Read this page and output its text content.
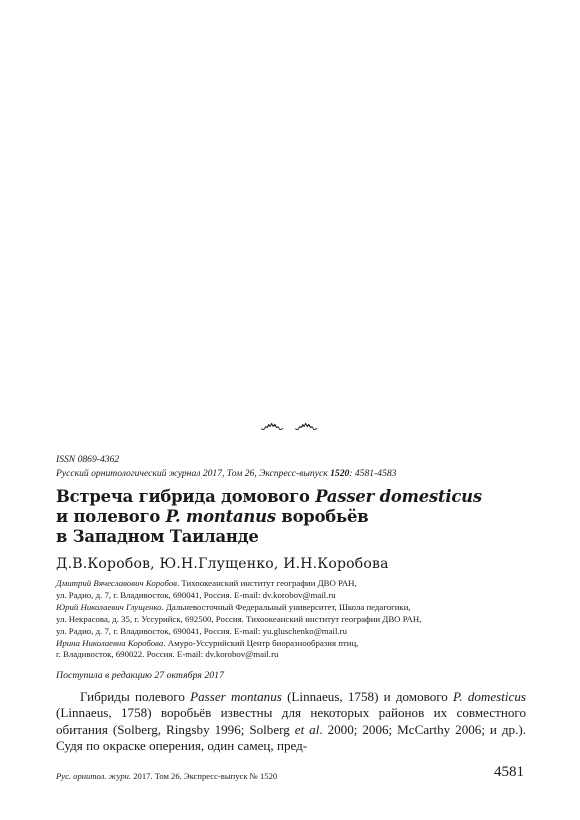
෴ ෴
ISSN 0869-4362
Русский орнитологический журнал 2017, Том 26, Экспресс-выпуск 1520: 4581-4583
Встреча гибрида домового Passer domesticus
и полевого P. montanus воробьёв
в Западном Таиланде
Д.В.Коробов, Ю.Н.Глущенко, И.Н.Коробова
Дмитрий Вячеславович Коробов. Тихоокеанский институт географии ДВО РАН,
ул. Радио, д. 7, г. Владивосток, 690041, Россия. E-mail: dv.korobov@mail.ru
Юрий Николаевич Глущенко. Дальневосточный Федеральный университет, Школа педагогики,
ул. Некрасова, д. 35, г. Уссурийск, 692500, Россия. Тихоокеанский институт географии ДВО РАН,
ул. Радио, д. 7, г. Владивосток, 690041, Россия. E-mail: yu.gluschenko@mail.ru
Ирина Николаевна Коробова. Амуро-Уссурийский Центр биоразнообразия птиц,
г. Владивосток, 690022. Россия. E-mail: dv.korobov@mail.ru
Поступила в редакцию 27 октября 2017

Гибриды полевого Passer montanus (Linnaeus, 1758) и домового P. domesticus (Linnaeus, 1758) воробьёв известны для некоторых районов их совместного обитания (Solberg, Ringsby 1996; Solberg et al. 2000; 2006; McCarthy 2006; и др.). Судя по окраске оперения, один самец, пред-

Рус. орнитол. журн. 2017. Том 26. Экспресс-выпуск № 1520	4581
